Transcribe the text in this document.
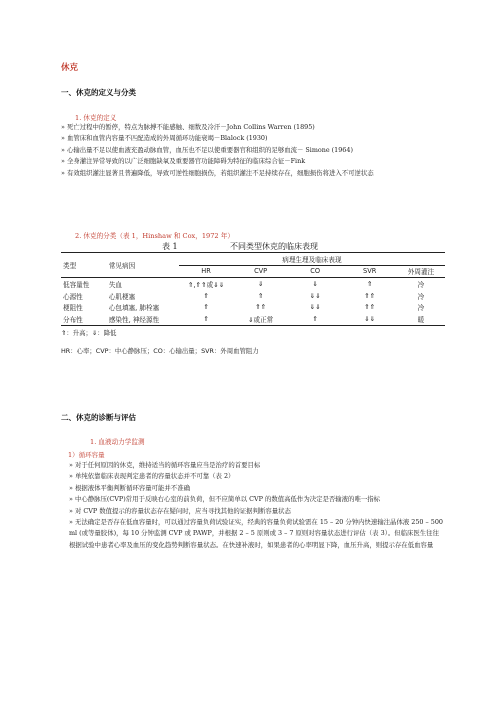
休克
一、休克的定义与分类
1. 休克的定义
» 死亡过程中的暂停，特点为脉搏不能感触、细数及冷汗－John Collins Warren (1895)
» 血管床和血管内容量不匹配造成的外周循环功能衰竭－Blalock (1930)
» 心输出量不足以使血液充盈动脉血管，血压也不足以使重要器官和组织的足够血流－ Simone (1964)
» 全身灌注异常导致的以广泛细胞缺氧及重要器官功能障碍为特征的临床综合征－Fink
» 有效组织灌注显著且普遍降低，导致可逆性细胞损伤，若组织灌注不足持续存在，细胞损伤将进入不可逆状态
2. 休克的分类（表 1，Hinshaw 和 Cox，1972 年）
表 1	不同类型休克的临床表现
类型	常见病因	病理生理及临床表现				
		HR	CVP	CO	SVR	外周灌注
低容量性	失血	⇑,⇑⇑或⇓⇓	⇓	⇓	⇑	冷
心源性	心肌梗塞	⇑	⇑	⇓⇓	⇑⇑	冷
梗阻性	心包填塞, 肺栓塞	⇑	⇑⇑	⇓⇓	⇑⇑	冷
分布性	感染性, 神经源性	⇑	⇓或正常	⇑	⇓⇓	暖
⇑：升高；⇓：降低
HR：心率；CVP：中心静脉压；CO：心输出量；SVR：外周血管阻力
二、休克的诊断与评估
1. 血液动力学监测
1）循环容量
» 对于任何原因的休克，维持适当的循环容量应当是治疗的首要目标
» 单纯依靠临床表现判定患者的容量状态并不可靠（表 2）
» 根据液体平衡判断循环容量可能并不准确
» 中心静脉压(CVP)常用于反映右心室的前负荷，但不应简单以 CVP 的数值高低作为决定是否输液的唯一指标
» 对 CVP 数值提示的容量状态存在疑问时，应当寻找其他的证据判断容量状态
» 无法确定是否存在低血容量时，可以通过容量负荷试验证实，经典的容量负荷试验需在 15 – 20 分钟内快速输注晶体液 250 – 500 ml (或等量胶体)，每 10 分钟监测 CVP 或 PAWP，并根据 2 – 5 原则或 3 – 7 原则对容量状态进行评估（表 3）。但临床医生往往根据试验中患者心率及血压的变化趋势判断容量状态。在快速补液时，如果患者的心率明显下降，血压升高，则提示存在低血容量
